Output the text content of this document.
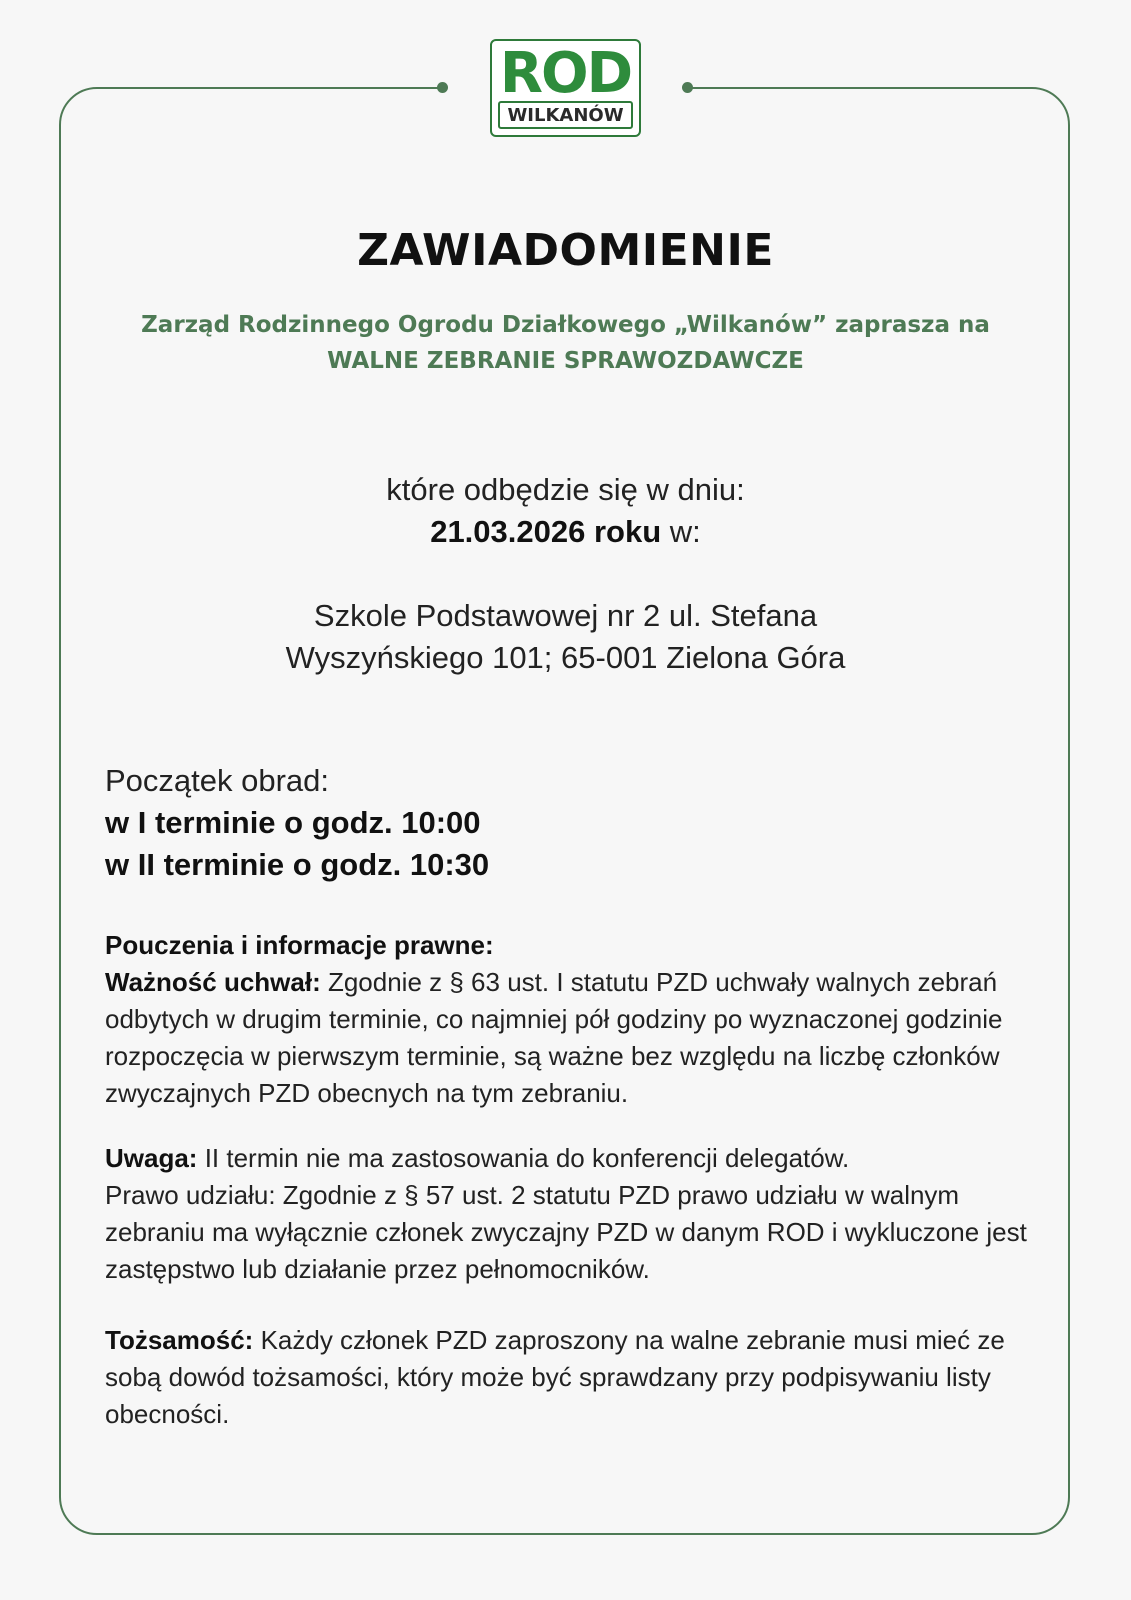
ROD
WILKANÓW
ZAWIADOMIENIE
Zarząd Rodzinnego Ogrodu Działkowego „Wilkanów” zaprasza na
WALNE ZEBRANIE SPRAWOZDAWCZE
które odbędzie się w dniu:
21.03.2026 roku w:
Szkole Podstawowej nr 2 ul. Stefana
Wyszyńskiego 101; 65-001 Zielona Góra
Początek obrad:
w I terminie o godz. 10:00
w II terminie o godz. 10:30

Pouczenia i informacje prawne:

Ważność uchwał: Zgodnie z § 63 ust. I statutu PZD uchwały walnych zebrań odbytych w drugim terminie, co najmniej pół godziny po wyznaczonej godzinie rozpoczęcia w pierwszym terminie, są ważne bez względu na liczbę członków zwyczajnych PZD obecnych na tym zebraniu.

Uwaga: II termin nie ma zastosowania do konferencji delegatów.

Prawo udziału: Zgodnie z § 57 ust. 2 statutu PZD prawo udziału w walnym zebraniu ma wyłącznie członek zwyczajny PZD w danym ROD i wykluczone jest zastępstwo lub działanie przez pełnomocników.

Tożsamość: Każdy członek PZD zaproszony na walne zebranie musi mieć ze sobą dowód tożsamości, który może być sprawdzany przy podpisywaniu listy obecności.
